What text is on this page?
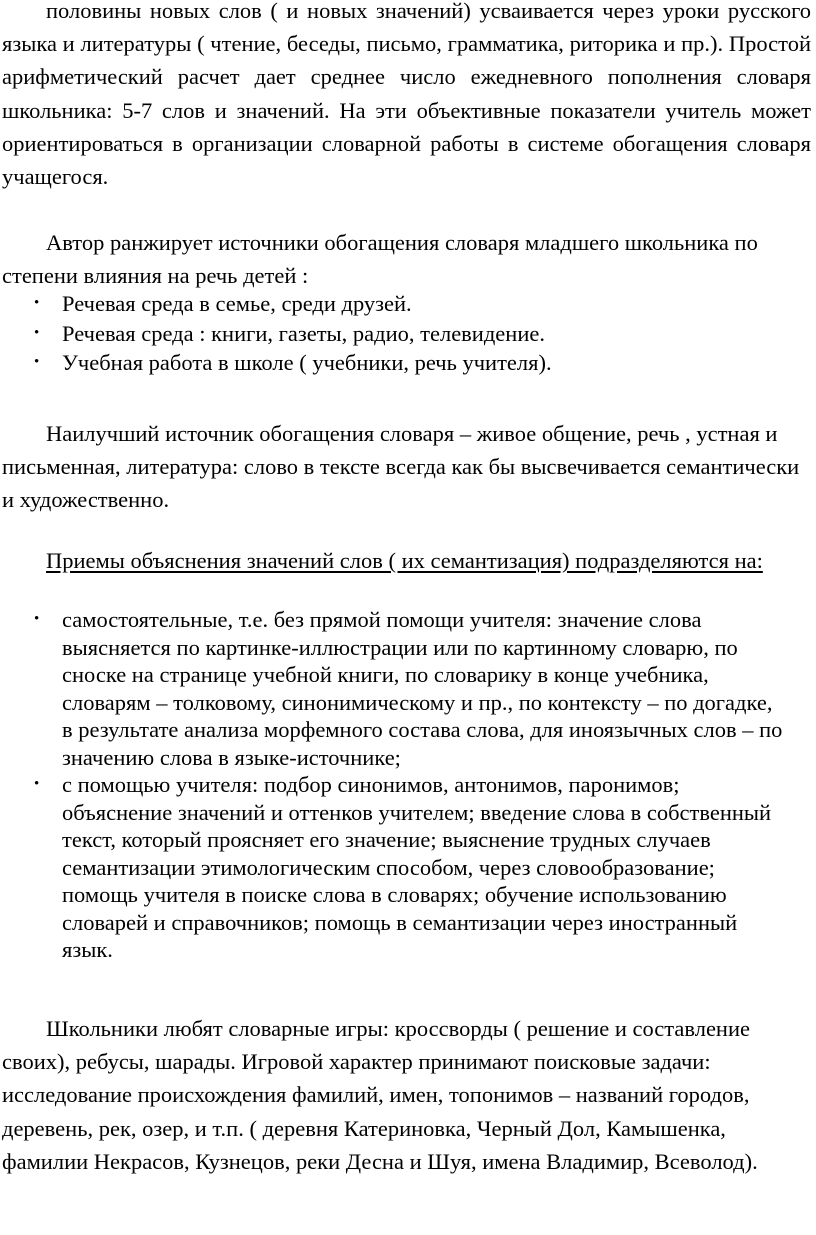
половины новых слов ( и новых значений) усваивается через уроки русского языка и литературы ( чтение, беседы, письмо, грамматика, риторика и пр.). Простой арифметический расчет дает среднее число ежедневного пополнения словаря школьника: 5-7 слов и значений. На эти объективные показатели учитель может ориентироваться в организации словарной работы в системе обогащения словаря учащегося.

Автор ранжирует источники обогащения словаря младшего школьника по степени влияния на речь детей :

• Речевая среда в семье, среди друзей.
• Речевая среда : книги, газеты, радио, телевидение.
• Учебная работа в школе ( учебники, речь учителя).

Наилучший источник обогащения словаря – живое общение, речь , устная и письменная, литература: слово в тексте всегда как бы высвечивается семантически и художественно.

Приемы объяснения значений слов ( их семантизация) подразделяются на:

• самостоятельные, т.е. без прямой помощи учителя: значение слова выясняется по картинке-иллюстрации или по картинному словарю, по сноске на странице учебной книги, по словарику в конце учебника, словарям – толковому, синонимическому и пр., по контексту – по догадке, в результате анализа морфемного состава слова, для иноязычных слов – по значению слова в языке-источнике;
• с помощью учителя: подбор синонимов, антонимов, паронимов; объяснение значений и оттенков учителем; введение слова в собственный текст, который проясняет его значение; выяснение трудных случаев семантизации этимологическим способом, через словообразование; помощь учителя в поиске слова в словарях; обучение использованию словарей и справочников; помощь в семантизации через иностранный язык.

Школьники любят словарные игры: кроссворды ( решение и составление своих), ребусы, шарады. Игровой характер принимают поисковые задачи: исследование происхождения фамилий, имен, топонимов – названий городов, деревень, рек, озер, и т.п. ( деревня Катериновка, Черный Дол, Камышенка, фамилии Некрасов, Кузнецов, реки Десна и Шуя, имена Владимир, Всеволод).
